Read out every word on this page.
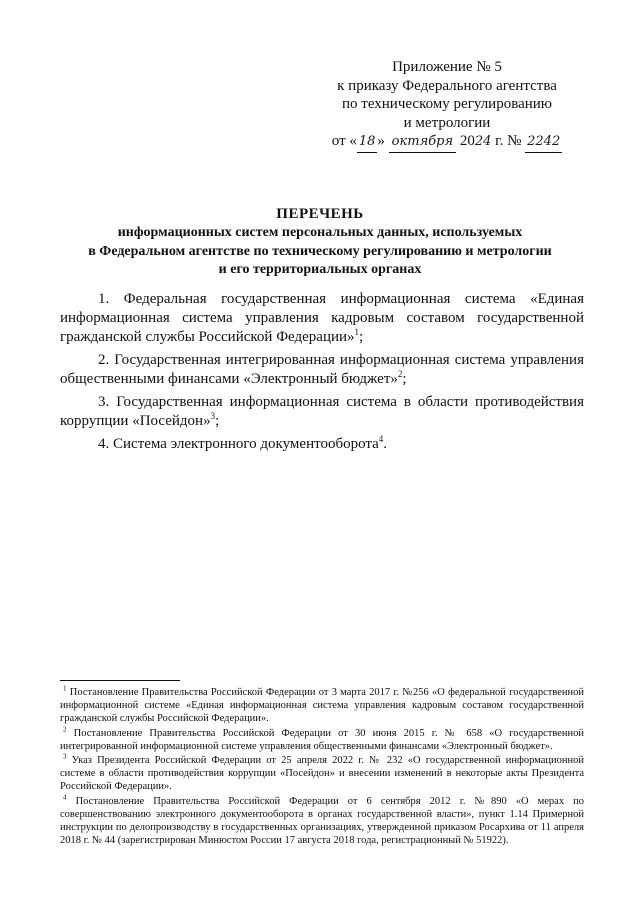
Приложение № 5
к приказу Федерального агентства
по техническому регулированию
и метрологии
от « 18 » октября 2024 г. № 2242
ПЕРЕЧЕНЬ
информационных систем персональных данных, используемых
в Федеральном агентстве по техническому регулированию и метрологии
и его территориальных органах

1. Федеральная государственная информационная система «Единая информационная система управления кадровым составом государственной гражданской службы Российской Федерации»$^1$;

2. Государственная интегрированная информационная система управления общественными финансами «Электронный бюджет»$^2$;

3. Государственная информационная система в области противодействия коррупции «Посейдон»$^3$;

4. Система электронного документооборота$^4$.

$^1$ Постановление Правительства Российской Федерации от 3 марта 2017 г. №256 «О федеральной государственной информационной системе «Единая информационная система управления кадровым составом государственной гражданской службы Российской Федерации».

$^2$ Постановление Правительства Российской Федерации от 30 июня 2015 г. № 658 «О государственной интегрированной информационной системе управления общественными финансами «Электронный бюджет».

$^3$ Указ Президента Российской Федерации от 25 апреля 2022 г. № 232 «О государственной информационной системе в области противодействия коррупции «Посейдон» и внесении изменений в некоторые акты Президента Российской Федерации».

$^4$ Постановление Правительства Российской Федерации от 6 сентября 2012 г. №890 «О мерах по совершенствованию электронного документооборота в органах государственной власти», пункт 1.14 Примерной инструкции по делопроизводству в государственных организациях, утвержденной приказом Росархива от 11 апреля 2018 г. № 44 (зарегистрирован Минюстом России 17 августа 2018 года, регистрационный № 51922).
